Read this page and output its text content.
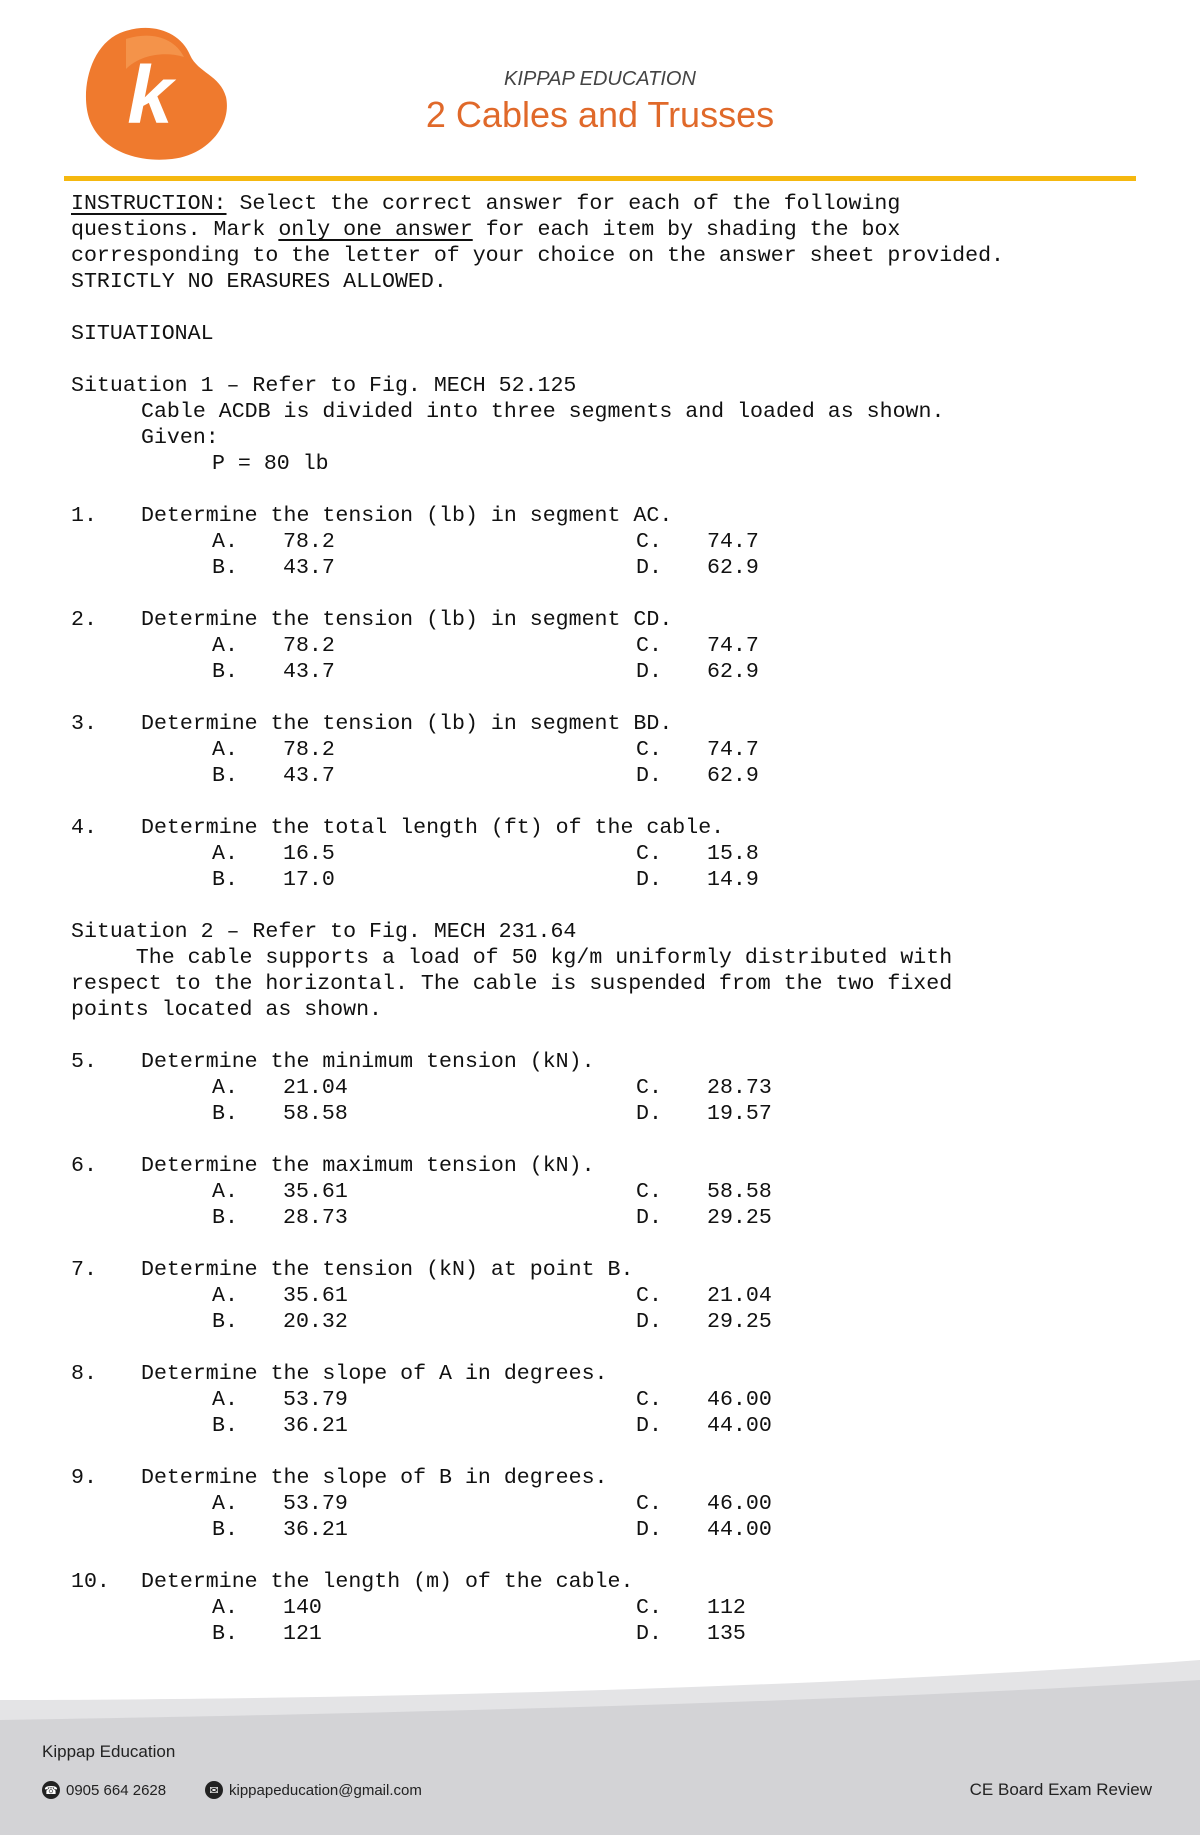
k	KIPPAP EDUCATION
2 Cables and Trusses
INSTRUCTION: Select the correct answer for each of the following
questions. Mark only one answer for each item by shading the box
corresponding to the letter of your choice on the answer sheet provided.
STRICTLY NO ERASURES ALLOWED.
SITUATIONAL
Situation 1 – Refer to Fig. MECH 52.125
Cable ACDB is divided into three segments and loaded as shown.
Given:
P = 80 lb
1. Determine the tension (lb) in segment AC.
A. 78.2	C. 74.7
B. 43.7	D. 62.9
2. Determine the tension (lb) in segment CD.
A. 78.2	C. 74.7
B. 43.7	D. 62.9
3. Determine the tension (lb) in segment BD.
A. 78.2	C. 74.7
B. 43.7	D. 62.9
4. Determine the total length (ft) of the cable.
A. 16.5	C. 15.8
B. 17.0	D. 14.9
Situation 2 – Refer to Fig. MECH 231.64
The cable supports a load of 50 kg/m uniformly distributed with
respect to the horizontal. The cable is suspended from the two fixed
points located as shown.
5. Determine the minimum tension (kN).
A. 21.04	C. 28.73
B. 58.58	D. 19.57
6. Determine the maximum tension (kN).
A. 35.61	C. 58.58
B. 28.73	D. 29.25
7. Determine the tension (kN) at point B.
A. 35.61	C. 21.04
B. 20.32	D. 29.25
8. Determine the slope of A in degrees.
A. 53.79	C. 46.00
B. 36.21	D. 44.00
9. Determine the slope of B in degrees.
A. 53.79	C. 46.00
B. 36.21	D. 44.00
10. Determine the length (m) of the cable.
A. 140	C. 112
B. 121	D. 135
Kippap Education
☎ 0905 664 2628	✉ kippapeducation@gmail.com	CE Board Exam Review
